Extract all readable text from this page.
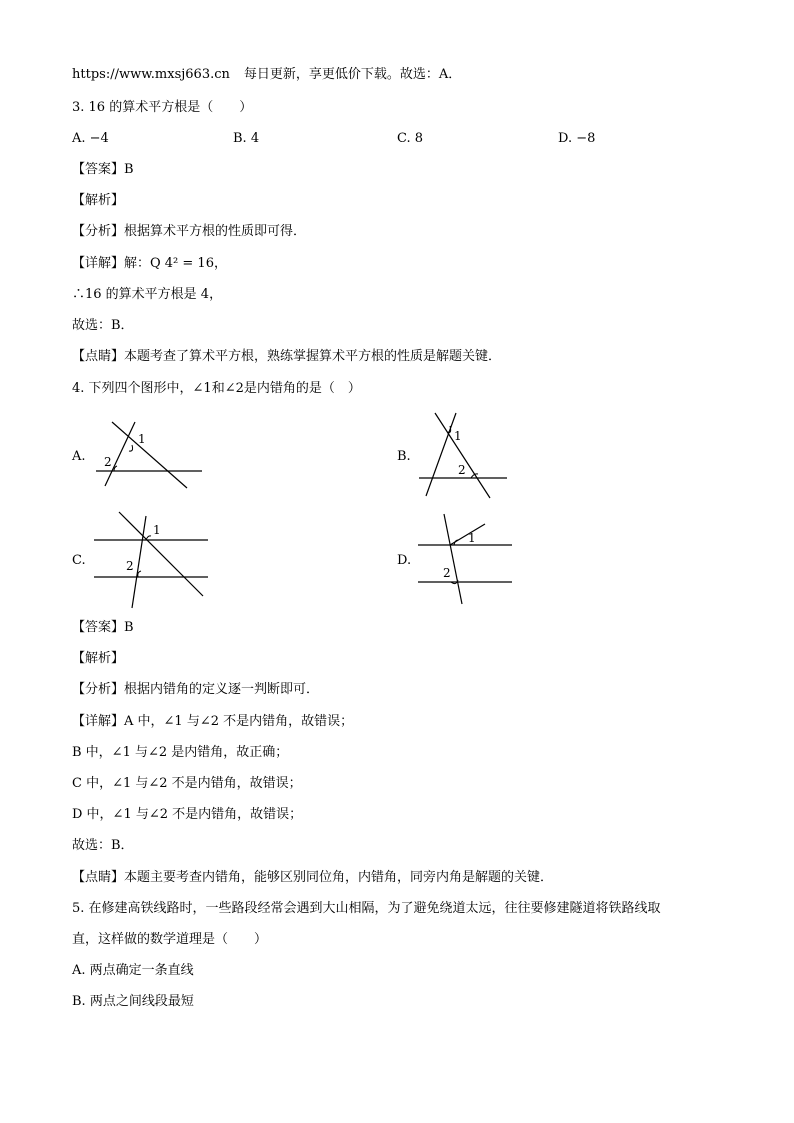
https://www.mxsj663.cn 每日更新，享更低价下载。故选：A．
3. 16 的算术平方根是（　　）
A. −4	B. 4	C. 8	D. −8
【答案】B
【解析】
【分析】根据算术平方根的性质即可得．
【详解】解：Q 4² = 16，
∴16 的算术平方根是 4，
故选：B．
【点睛】本题考查了算术平方根，熟练掌握算术平方根的性质是解题关键．
4. 下列四个图形中，∠1和∠2是内错角的是（　）
A.
1
2	B.
1
2
C.
1
2	D.
1
2
【答案】B
【解析】
【分析】根据内错角的定义逐一判断即可．
【详解】A 中，∠1 与∠2 不是内错角，故错误；
B 中，∠1 与∠2 是内错角，故正确；
C 中，∠1 与∠2 不是内错角，故错误；
D 中，∠1 与∠2 不是内错角，故错误；
故选：B．
【点睛】本题主要考查内错角，能够区别同位角，内错角，同旁内角是解题的关键．
5. 在修建高铁线路时，一些路段经常会遇到大山相隔，为了避免绕道太远，往往要修建隧道将铁路线取
直，这样做的数学道理是（　　）
A. 两点确定一条直线
B. 两点之间线段最短
